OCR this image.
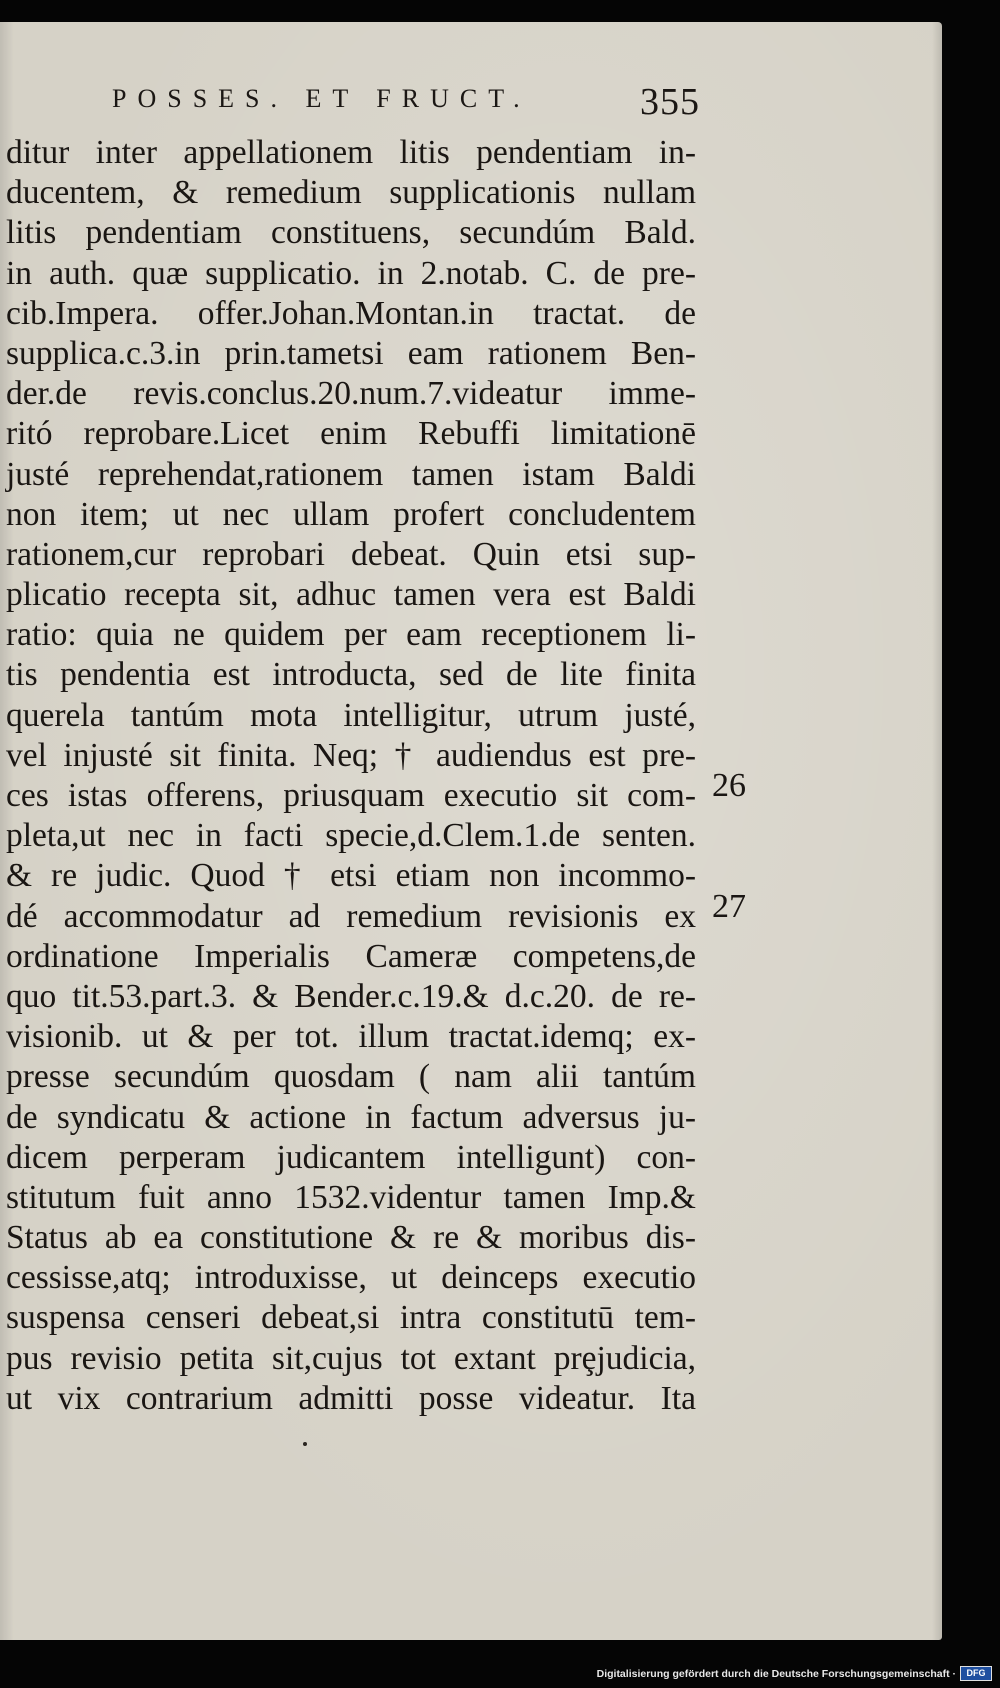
POSSES. ET FRUCT.	355
ditur inter appellationem litis pendentiam in-
ducentem, & remedium supplicationis nullam
litis pendentiam constituens, secundúm Bald.
in auth. quæ supplicatio. in 2.notab. C. de pre-
cib.Impera. offer.Johan.Montan.in tractat. de
supplica.c.3.in prin.tametsi eam rationem Ben-
der.de revis.conclus.20.num.7.videatur imme-
ritó reprobare.Licet enim Rebuffi limitationē
justé reprehendat,rationem tamen istam Baldi
non item; ut nec ullam profert concludentem
rationem,cur reprobari debeat. Quin etsi sup-
plicatio recepta sit, adhuc tamen vera est Baldi
ratio: quia ne quidem per eam receptionem li-
tis pendentia est introducta, sed de lite finita
querela tantúm mota intelligitur, utrum justé,
vel injusté sit finita. Neq; † audiendus est pre-
ces istas offerens, priusquam executio sit com-
pleta,ut nec in facti specie,d.Clem.1.de senten.
& re judic. Quod † etsi etiam non incommo-
dé accommodatur ad remedium revisionis ex
ordinatione Imperialis Cameræ competens,de
quo tit.53.part.3. & Bender.c.19.& d.c.20. de re-
visionib. ut & per tot. illum tractat.idemq; ex-
presse secundúm quosdam ( nam alii tantúm
de syndicatu & actione in factum adversus ju-
dicem perperam judicantem intelligunt) con-
stitutum fuit anno 1532.videntur tamen Imp.&
Status ab ea constitutione & re & moribus dis-
cessisse,atq; introduxisse, ut deinceps executio
suspensa censeri debeat,si intra constitutū tem-
pus revisio petita sit,cujus tot extant prȩjudicia,
ut vix contrarium admitti posse videatur. Ita
26
27
Digitalisierung gefördert durch die Deutsche Forschungsgemeinschaft ·	DFG
